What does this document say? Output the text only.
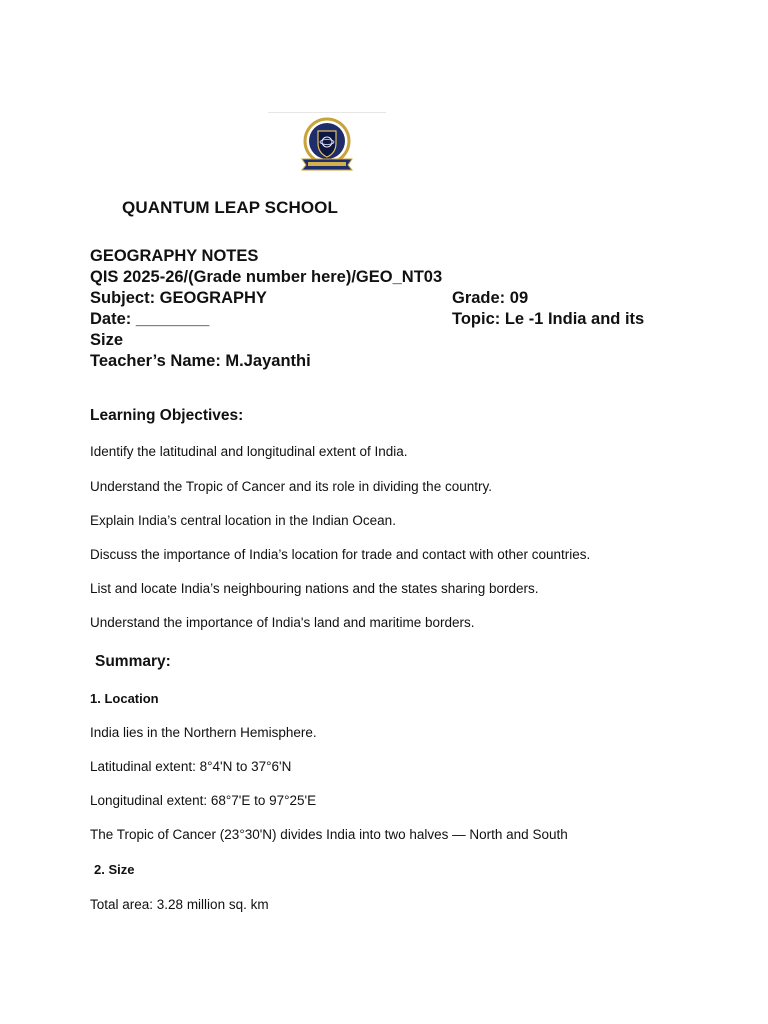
QUANTUM LEAP SCHOOL
GEOGRAPHY NOTES
QIS 2025-26/(Grade number here)/GEO_NT03
Subject: GEOGRAPHY	Grade: 09
Date: ________	Topic: Le -1 India and its
Size
Teacher’s Name: M.Jayanthi
Learning Objectives:
Identify the latitudinal and longitudinal extent of India.
Understand the Tropic of Cancer and its role in dividing the country.
Explain India’s central location in the Indian Ocean.
Discuss the importance of India’s location for trade and contact with other countries.
List and locate India’s neighbouring nations and the states sharing borders.
Understand the importance of India's land and maritime borders.
Summary:
1. Location
India lies in the Northern Hemisphere.
Latitudinal extent: 8°4'N to 37°6'N
Longitudinal extent: 68°7'E to 97°25'E
The Tropic of Cancer (23°30'N) divides India into two halves — North and South
2. Size
Total area: 3.28 million sq. km
